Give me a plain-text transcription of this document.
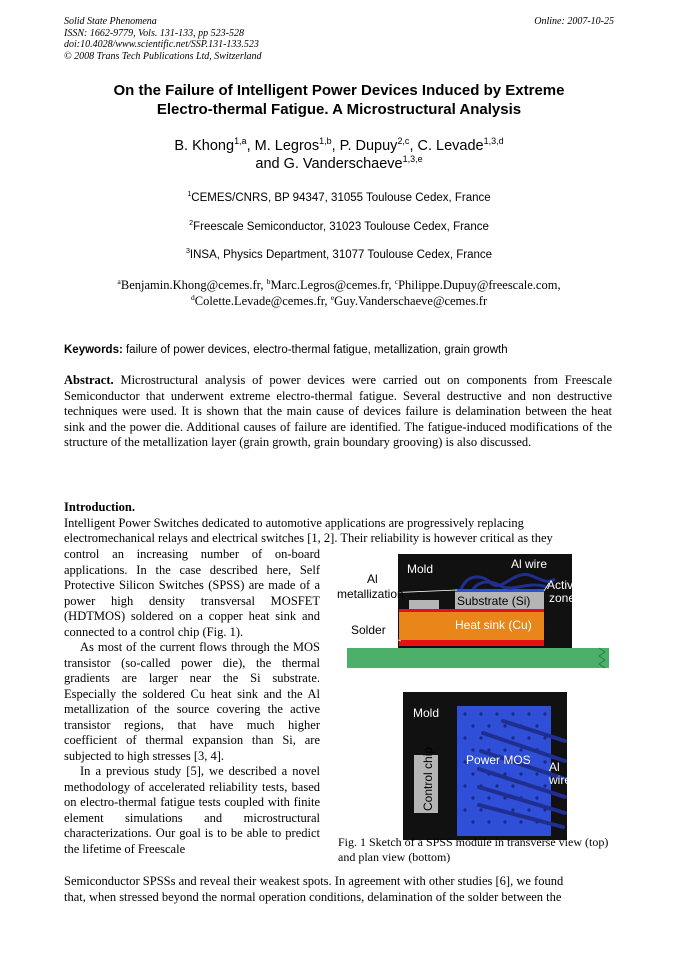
Solid State Phenomena
ISSN: 1662-9779, Vols. 131-133, pp 523-528
doi:10.4028/www.scientific.net/SSP.131-133.523
© 2008 Trans Tech Publications Ltd, Switzerland
Online: 2007-10-25
On the Failure of Intelligent Power Devices Induced by Extreme
Electro-thermal Fatigue. A Microstructural Analysis
B. Khong$^{1,a}$, M. Legros$^{1,b}$, P. Dupuy$^{2,c}$, C. Levade$^{1,3,d}$
and G. Vanderschaeve$^{1,3,e}$
$^1$CEMES/CNRS, BP 94347, 31055 Toulouse Cedex, France
$^2$Freescale Semiconductor, 31023 Toulouse Cedex, France
$^3$INSA, Physics Department, 31077 Toulouse Cedex, France
$^a$Benjamin.Khong@cemes.fr, $^b$Marc.Legros@cemes.fr, $^c$Philippe.Dupuy@freescale.com,
$^d$Colette.Levade@cemes.fr, $^e$Guy.Vanderschaeve@cemes.fr
Keywords: failure of power devices, electro-thermal fatigue, metallization, grain growth
Abstract. Microstructural analysis of power devices were carried out on components from Freescale Semiconductor that underwent extreme electro-thermal fatigue. Several destructive and non destructive techniques were used. It is shown that the main cause of devices failure is delamination between the heat sink and the power die. Additional causes of failure are identified. The fatigue-induced modifications of the structure of the metallization layer (grain growth, grain boundary grooving) is also discussed.
Introduction.
Intelligent Power Switches dedicated to automotive applications are progressively replacing
electromechanical relays and electrical switches [1, 2]. Their reliability is however critical as they

control an increasing number of on-board applications. In the case described here, Self Protective Silicon Switches (SPSS) are made of a power high density transversal MOSFET (HDTMOS) soldered on a copper heat sink and connected to a control chip (Fig. 1).

As most of the current flows through the MOS transistor (so-called power die), the thermal gradients are larger near the Si substrate. Especially the soldered Cu heat sink and the Al metallization of the source covering the active transistor regions, that have much higher coefficient of thermal expansion than Si, are subjected to high stresses [3, 4].

In a previous study [5], we described a novel methodology of accelerated reliability tests, based on electro-thermal fatigue tests coupled with finite element simulations and microstructural characterizations. Our goal is to be able to predict the lifetime of Freescale

Mold	Al wire
Al
metallization
Active
zone
Substrate (Si)
Solder	Heat sink (Cu)
Mold
Control chip	Power MOS Al
wires
Fig. 1 Sketch of a SPSS module in transverse view (top) and plan view (bottom)
Semiconductor SPSSs and reveal their weakest spots. In agreement with other studies [6], we found
that, when stressed beyond the normal operation conditions, delamination of the solder between the
